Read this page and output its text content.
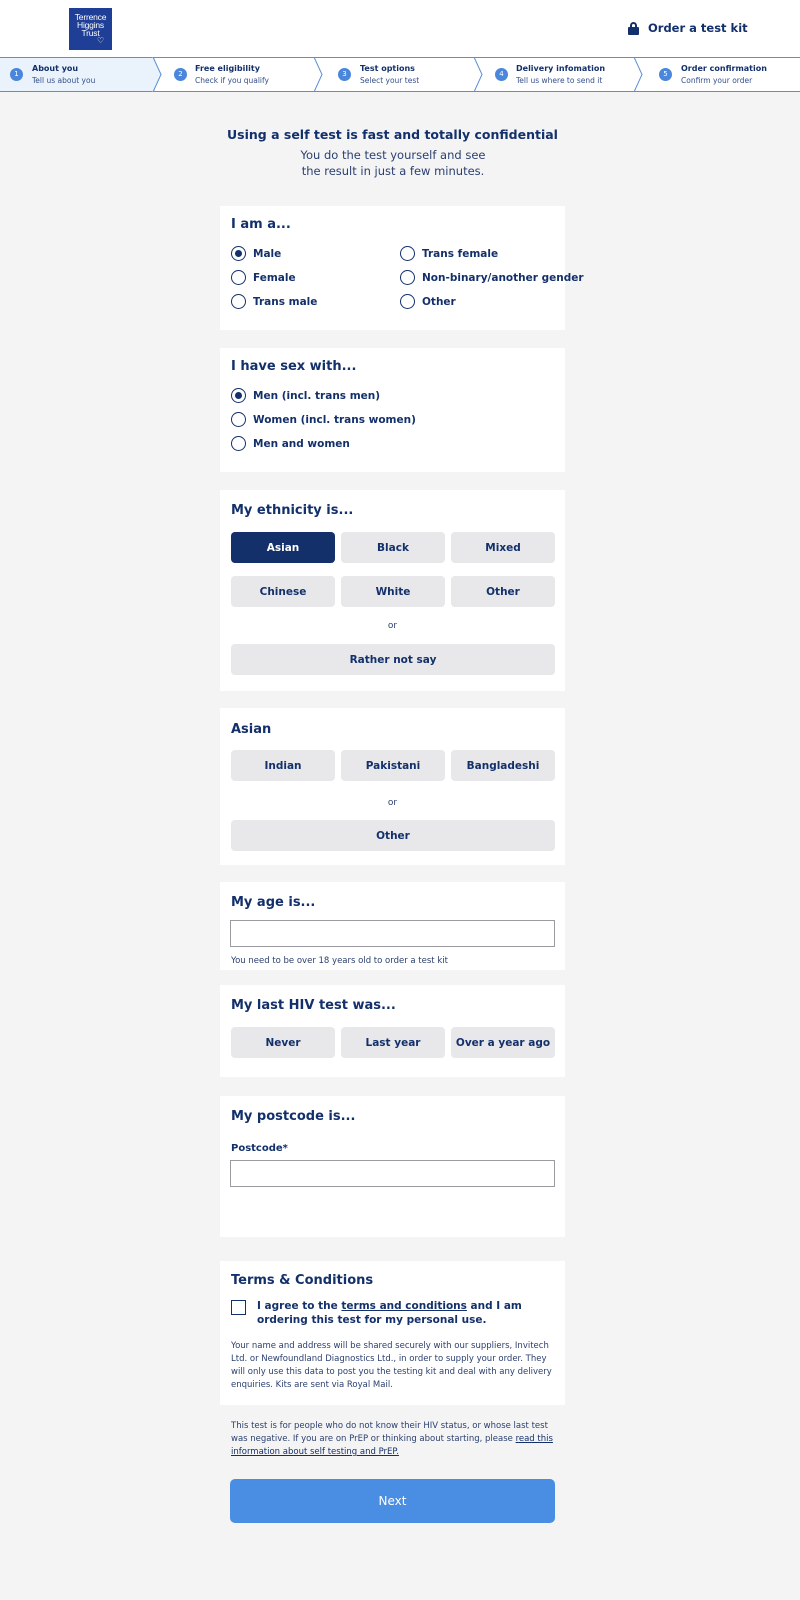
Terrence
Higgins
Trust
♡
Order a test kit
1
About you
Tell us about you
2
Free eligibility
Check if you qualify
3
Test options
Select your test
4
Delivery infomation
Tell us where to send it
5
Order confirmation
Confirm your order
Using a self test is fast and totally confidential
You do the test yourself and see the result in just a few minutes.
I am a...
Male
Female
Trans male
Trans female
Non-binary/another gender
Other
I have sex with...
Men (incl. trans men)
Women (incl. trans women)
Men and women
My ethnicity is...
Asian	Black	Mixed
Chinese	White	Other
or
Rather not say
Asian
Indian	Pakistani	Bangladeshi
or
Other
My age is...
You need to be over 18 years old to order a test kit
My last HIV test was...
Never	Last year	Over a year ago
My postcode is...
Postcode*
Terms & Conditions
I agree to the terms and conditions and I am ordering this test for my personal use.
Your name and address will be shared securely with our suppliers, Invitech Ltd. or Newfoundland Diagnostics Ltd., in order to supply your order. They will only use this data to post you the testing kit and deal with any delivery enquiries. Kits are sent via Royal Mail.
This test is for people who do not know their HIV status, or whose last test was negative. If you are on PrEP or thinking about starting, please read this information about self testing and PrEP.
Next
